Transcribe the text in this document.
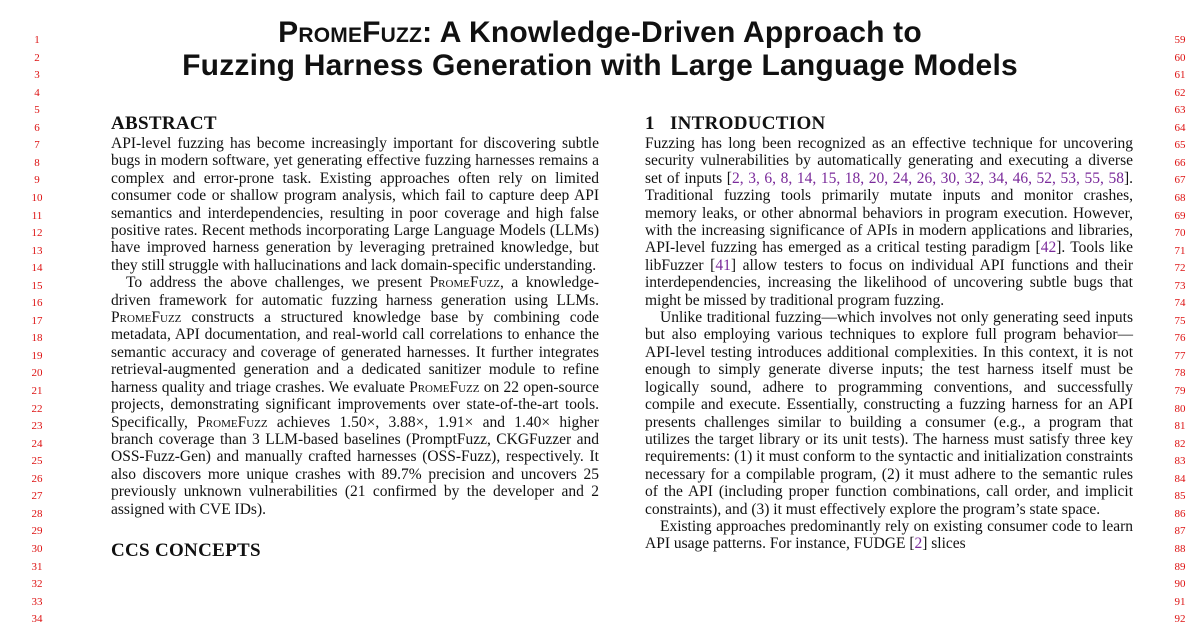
PromeFuzz: A Knowledge-Driven Approach to
Fuzzing Harness Generation with Large Language Models
1
2
3
4
5
6
7
8
9
10
11
12
13
14
15
16
17
18
19
20
21
22
23
24
25
26
27
28
29
30
31
32
33
34
59
60
61
62
63
64
65
66
67
68
69
70
71
72
73
74
75
76
77
78
79
80
81
82
83
84
85
86
87
88
89
90
91
92
ABSTRACT

API-level fuzzing has become increasingly important for discovering subtle bugs in modern software, yet generating effective fuzzing harnesses remains a complex and error-prone task. Existing approaches often rely on limited consumer code or shallow program analysis, which fail to capture deep API semantics and interdependencies, resulting in poor coverage and high false positive rates. Recent methods incorporating Large Language Models (LLMs) have improved harness generation by leveraging pretrained knowledge, but they still struggle with hallucinations and lack domain-specific understanding.

To address the above challenges, we present PromeFuzz, a knowledge-driven framework for automatic fuzzing harness generation using LLMs. PromeFuzz constructs a structured knowledge base by combining code metadata, API documentation, and real-world call correlations to enhance the semantic accuracy and coverage of generated harnesses. It further integrates retrieval-augmented generation and a dedicated sanitizer module to refine harness quality and triage crashes. We evaluate PromeFuzz on 22 open-source projects, demonstrating significant improvements over state-of-the-art tools. Specifically, PromeFuzz achieves 1.50×, 3.88×, 1.91× and 1.40× higher branch coverage than 3 LLM-based baselines (PromptFuzz, CKGFuzzer and OSS-Fuzz-Gen) and manually crafted harnesses (OSS-Fuzz), respectively. It also discovers more unique crashes with 89.7% precision and uncovers 25 previously unknown vulnerabilities (21 confirmed by the developer and 2 assigned with CVE IDs).

CCS CONCEPTS
1   INTRODUCTION

Fuzzing has long been recognized as an effective technique for uncovering security vulnerabilities by automatically generating and executing a diverse set of inputs [2, 3, 6, 8, 14, 15, 18, 20, 24, 26, 30, 32, 34, 46, 52, 53, 55, 58]. Traditional fuzzing tools primarily mutate inputs and monitor crashes, memory leaks, or other abnormal behaviors in program execution. However, with the increasing significance of APIs in modern applications and libraries, API-level fuzzing has emerged as a critical testing paradigm [42]. Tools like libFuzzer [41] allow testers to focus on individual API functions and their interdependencies, increasing the likelihood of uncovering subtle bugs that might be missed by traditional program fuzzing.

Unlike traditional fuzzing—which involves not only generating seed inputs but also employing various techniques to explore full program behavior—API-level testing introduces additional complexities. In this context, it is not enough to simply generate diverse inputs; the test harness itself must be logically sound, adhere to programming conventions, and successfully compile and execute. Essentially, constructing a fuzzing harness for an API presents challenges similar to building a consumer (e.g., a program that utilizes the target library or its unit tests). The harness must satisfy three key requirements: (1) it must conform to the syntactic and initialization constraints necessary for a compilable program, (2) it must adhere to the semantic rules of the API (including proper function combinations, call order, and implicit constraints), and (3) it must effectively explore the program’s state space.

Existing approaches predominantly rely on existing consumer code to learn API usage patterns. For instance, FUDGE [2] slices
